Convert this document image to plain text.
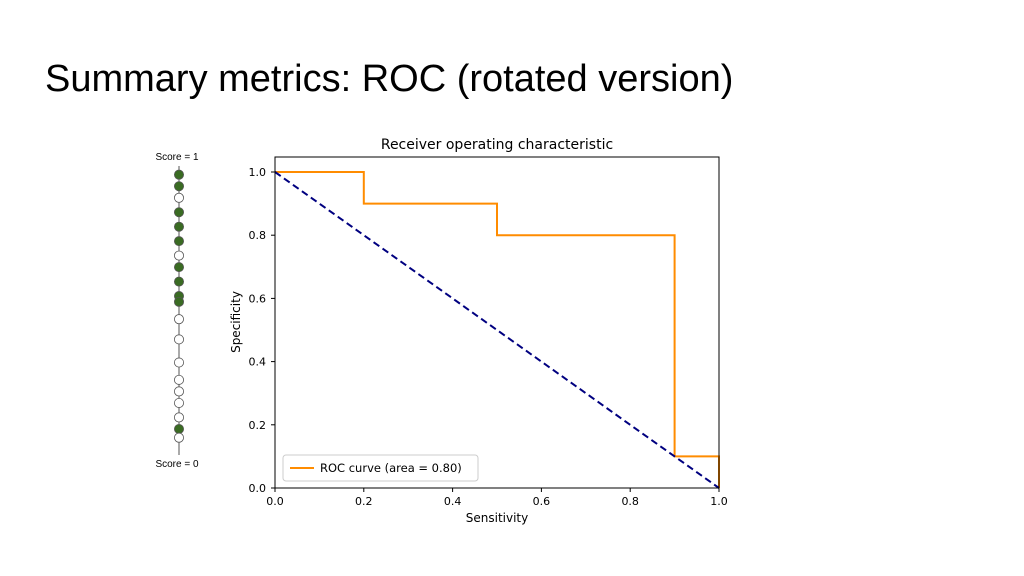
Summary metrics: ROC (rotated version)
Score = 1
Score = 0
Receiver operating characteristic
0.0	0.2	0.4	0.6	0.8	1.0
0.0
0.2
0.4
0.6
0.8
1.0
Sensitivity
Specificity
ROC curve (area = 0.80)
